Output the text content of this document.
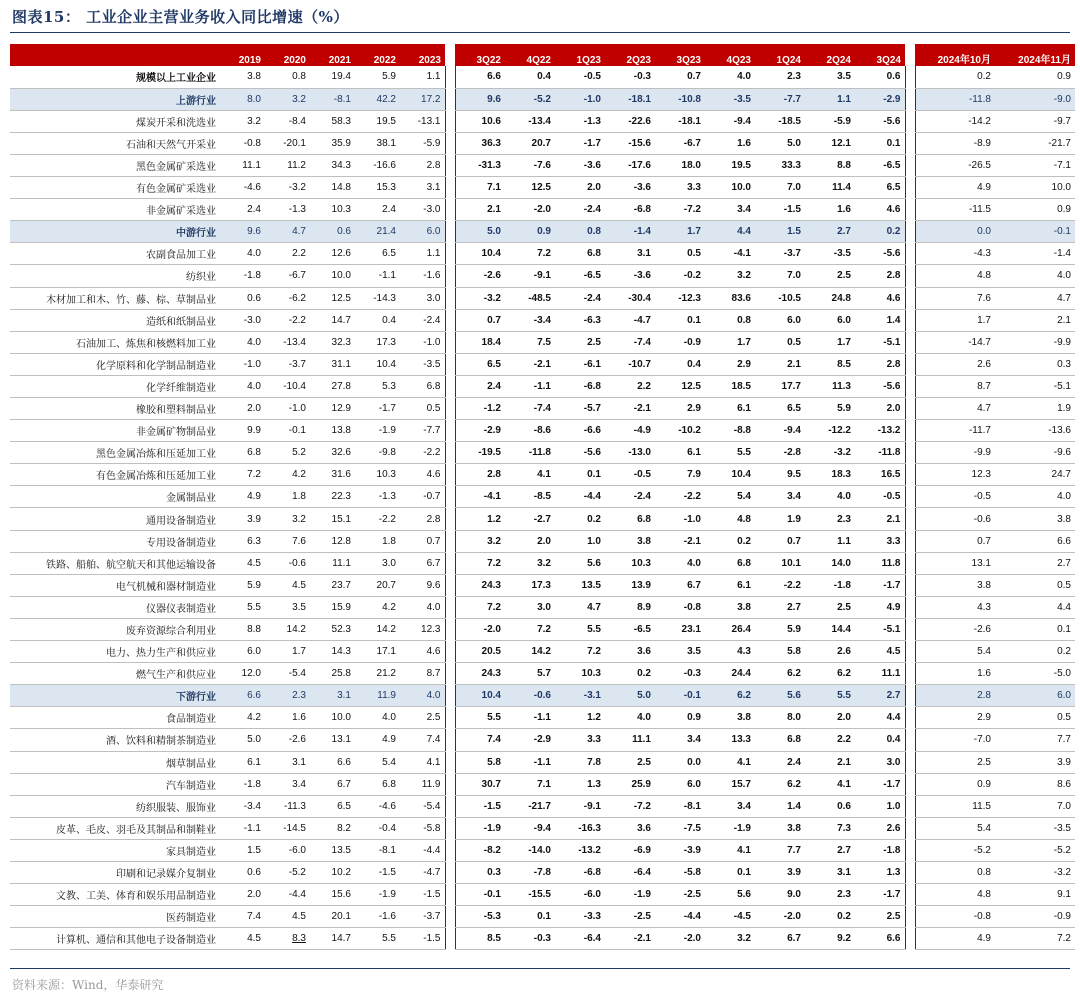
图表15： 工业企业主营业务收入同比增速（%）
	2019	2020	2021	2022	2023		3Q22	4Q22	1Q23	2Q23	3Q23	4Q23	1Q24	2Q24	3Q24		2024年10月	2024年11月
规模以上工业企业	3.8	0.8	19.4	5.9	1.1		6.6	0.4	-0.5	-0.3	0.7	4.0	2.3	3.5	0.6		0.2	0.9
上游行业	8.0	3.2	-8.1	42.2	17.2		9.6	-5.2	-1.0	-18.1	-10.8	-3.5	-7.7	1.1	-2.9		-11.8	-9.0
煤炭开采和洗选业	3.2	-8.4	58.3	19.5	-13.1		10.6	-13.4	-1.3	-22.6	-18.1	-9.4	-18.5	-5.9	-5.6		-14.2	-9.7
石油和天然气开采业	-0.8	-20.1	35.9	38.1	-5.9		36.3	20.7	-1.7	-15.6	-6.7	1.6	5.0	12.1	0.1		-8.9	-21.7
黑色金属矿采选业	11.1	11.2	34.3	-16.6	2.8		-31.3	-7.6	-3.6	-17.6	18.0	19.5	33.3	8.8	-6.5		-26.5	-7.1
有色金属矿采选业	-4.6	-3.2	14.8	15.3	3.1		7.1	12.5	2.0	-3.6	3.3	10.0	7.0	11.4	6.5		4.9	10.0
非金属矿采选业	2.4	-1.3	10.3	2.4	-3.0		2.1	-2.0	-2.4	-6.8	-7.2	3.4	-1.5	1.6	4.6		-11.5	0.9
中游行业	9.6	4.7	0.6	21.4	6.0		5.0	0.9	0.8	-1.4	1.7	4.4	1.5	2.7	0.2		0.0	-0.1
农副食品加工业	4.0	2.2	12.6	6.5	1.1		10.4	7.2	6.8	3.1	0.5	-4.1	-3.7	-3.5	-5.6		-4.3	-1.4
纺织业	-1.8	-6.7	10.0	-1.1	-1.6		-2.6	-9.1	-6.5	-3.6	-0.2	3.2	7.0	2.5	2.8		4.8	4.0
木材加工和木、竹、藤、棕、草制品业	0.6	-6.2	12.5	-14.3	3.0		-3.2	-48.5	-2.4	-30.4	-12.3	83.6	-10.5	24.8	4.6		7.6	4.7
造纸和纸制品业	-3.0	-2.2	14.7	0.4	-2.4		0.7	-3.4	-6.3	-4.7	0.1	0.8	6.0	6.0	1.4		1.7	2.1
石油加工、炼焦和核燃料加工业	4.0	-13.4	32.3	17.3	-1.0		18.4	7.5	2.5	-7.4	-0.9	1.7	0.5	1.7	-5.1		-14.7	-9.9
化学原料和化学制品制造业	-1.0	-3.7	31.1	10.4	-3.5		6.5	-2.1	-6.1	-10.7	0.4	2.9	2.1	8.5	2.8		2.6	0.3
化学纤维制造业	4.0	-10.4	27.8	5.3	6.8		2.4	-1.1	-6.8	2.2	12.5	18.5	17.7	11.3	-5.6		8.7	-5.1
橡胶和塑料制品业	2.0	-1.0	12.9	-1.7	0.5		-1.2	-7.4	-5.7	-2.1	2.9	6.1	6.5	5.9	2.0		4.7	1.9
非金属矿物制品业	9.9	-0.1	13.8	-1.9	-7.7		-2.9	-8.6	-6.6	-4.9	-10.2	-8.8	-9.4	-12.2	-13.2		-11.7	-13.6
黑色金属冶炼和压延加工业	6.8	5.2	32.6	-9.8	-2.2		-19.5	-11.8	-5.6	-13.0	6.1	5.5	-2.8	-3.2	-11.8		-9.9	-9.6
有色金属冶炼和压延加工业	7.2	4.2	31.6	10.3	4.6		2.8	4.1	0.1	-0.5	7.9	10.4	9.5	18.3	16.5		12.3	24.7
金属制品业	4.9	1.8	22.3	-1.3	-0.7		-4.1	-8.5	-4.4	-2.4	-2.2	5.4	3.4	4.0	-0.5		-0.5	4.0
通用设备制造业	3.9	3.2	15.1	-2.2	2.8		1.2	-2.7	0.2	6.8	-1.0	4.8	1.9	2.3	2.1		-0.6	3.8
专用设备制造业	6.3	7.6	12.8	1.8	0.7		3.2	2.0	1.0	3.8	-2.1	0.2	0.7	1.1	3.3		0.7	6.6
铁路、船舶、航空航天和其他运输设备	4.5	-0.6	11.1	3.0	6.7		7.2	3.2	5.6	10.3	4.0	6.8	10.1	14.0	11.8		13.1	2.7
电气机械和器材制造业	5.9	4.5	23.7	20.7	9.6		24.3	17.3	13.5	13.9	6.7	6.1	-2.2	-1.8	-1.7		3.8	0.5
仪器仪表制造业	5.5	3.5	15.9	4.2	4.0		7.2	3.0	4.7	8.9	-0.8	3.8	2.7	2.5	4.9		4.3	4.4
废弃资源综合利用业	8.8	14.2	52.3	14.2	12.3		-2.0	7.2	5.5	-6.5	23.1	26.4	5.9	14.4	-5.1		-2.6	0.1
电力、热力生产和供应业	6.0	1.7	14.3	17.1	4.6		20.5	14.2	7.2	3.6	3.5	4.3	5.8	2.6	4.5		5.4	0.2
燃气生产和供应业	12.0	-5.4	25.8	21.2	8.7		24.3	5.7	10.3	0.2	-0.3	24.4	6.2	6.2	11.1		1.6	-5.0
下游行业	6.6	2.3	3.1	11.9	4.0		10.4	-0.6	-3.1	5.0	-0.1	6.2	5.6	5.5	2.7		2.8	6.0
食品制造业	4.2	1.6	10.0	4.0	2.5		5.5	-1.1	1.2	4.0	0.9	3.8	8.0	2.0	4.4		2.9	0.5
酒、饮料和精制茶制造业	5.0	-2.6	13.1	4.9	7.4		7.4	-2.9	3.3	11.1	3.4	13.3	6.8	2.2	0.4		-7.0	7.7
烟草制品业	6.1	3.1	6.6	5.4	4.1		5.8	-1.1	7.8	2.5	0.0	4.1	2.4	2.1	3.0		2.5	3.9
汽车制造业	-1.8	3.4	6.7	6.8	11.9		30.7	7.1	1.3	25.9	6.0	15.7	6.2	4.1	-1.7		0.9	8.6
纺织服装、服饰业	-3.4	-11.3	6.5	-4.6	-5.4		-1.5	-21.7	-9.1	-7.2	-8.1	3.4	1.4	0.6	1.0		11.5	7.0
皮革、毛皮、羽毛及其制品和制鞋业	-1.1	-14.5	8.2	-0.4	-5.8		-1.9	-9.4	-16.3	3.6	-7.5	-1.9	3.8	7.3	2.6		5.4	-3.5
家具制造业	1.5	-6.0	13.5	-8.1	-4.4		-8.2	-14.0	-13.2	-6.9	-3.9	4.1	7.7	2.7	-1.8		-5.2	-5.2
印刷和记录媒介复制业	0.6	-5.2	10.2	-1.5	-4.7		0.3	-7.8	-6.8	-6.4	-5.8	0.1	3.9	3.1	1.3		0.8	-3.2
文教、工美、体育和娱乐用品制造业	2.0	-4.4	15.6	-1.9	-1.5		-0.1	-15.5	-6.0	-1.9	-2.5	5.6	9.0	2.3	-1.7		4.8	9.1
医药制造业	7.4	4.5	20.1	-1.6	-3.7		-5.3	0.1	-3.3	-2.5	-4.4	-4.5	-2.0	0.2	2.5		-0.8	-0.9
计算机、通信和其他电子设备制造业	4.5	8.3	14.7	5.5	-1.5		8.5	-0.3	-6.4	-2.1	-2.0	3.2	6.7	9.2	6.6		4.9	7.2
资料来源：Wind，华泰研究
